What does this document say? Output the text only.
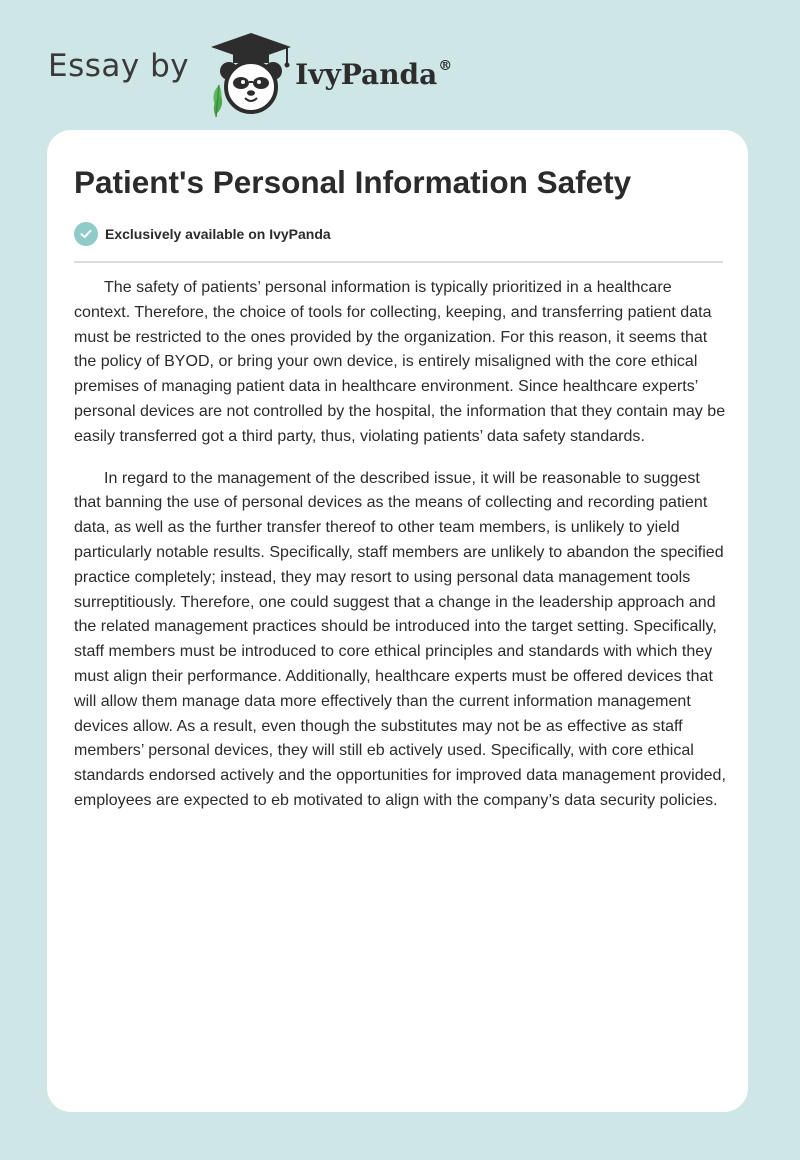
Essay by	IvyPanda®
Patient's Personal Information Safety
Exclusively available on IvyPanda

The safety of patients’ personal information is typically prioritized in a healthcare context. Therefore, the choice of tools for collecting, keeping, and transferring patient data must be restricted to the ones provided by the organization. For this reason, it seems that the policy of BYOD, or bring your own device, is entirely misaligned with the core ethical premises of managing patient data in healthcare environment. Since healthcare experts’ personal devices are not controlled by the hospital, the information that they contain may be easily transferred got a third party, thus, violating patients’ data safety standards.

In regard to the management of the described issue, it will be reasonable to suggest that banning the use of personal devices as the means of collecting and recording patient data, as well as the further transfer thereof to other team members, is unlikely to yield particularly notable results. Specifically, staff members are unlikely to abandon the specified practice completely; instead, they may resort to using personal data management tools surreptitiously. Therefore, one could suggest that a change in the leadership approach and the related management practices should be introduced into the target setting. Specifically, staff members must be introduced to core ethical principles and standards with which they must align their performance. Additionally, healthcare experts must be offered devices that will allow them manage data more effectively than the current information management devices allow. As a result, even though the substitutes may not be as effective as staff members’ personal devices, they will still eb actively used. Specifically, with core ethical standards endorsed actively and the opportunities for improved data management provided, employees are expected to eb motivated to align with the company’s data security policies.
